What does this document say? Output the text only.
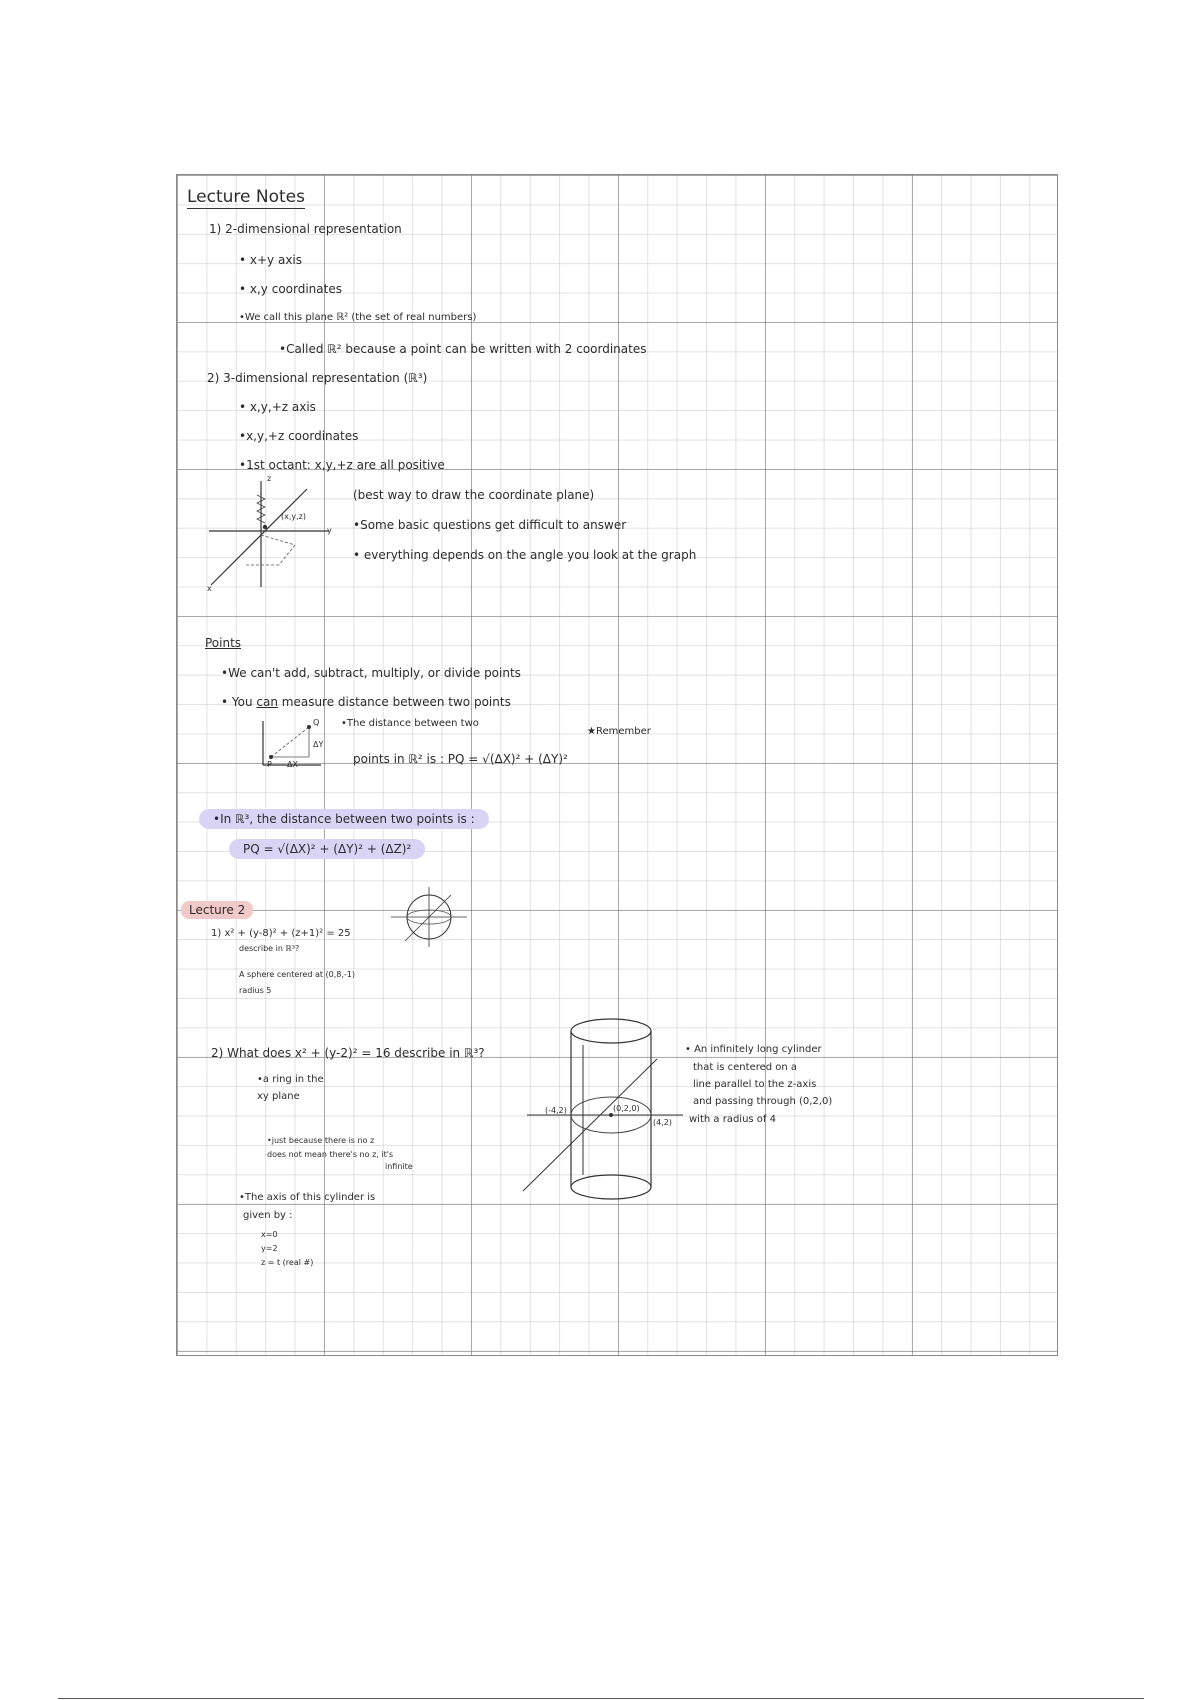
Lecture Notes
1) 2-dimensional representation
• x+y axis
• x,y coordinates
•We call this plane ℝ² (the set of real numbers)
•Called ℝ² because a point can be written with 2 coordinates
2) 3-dimensional representation (ℝ³)
• x,y,+z axis
•x,y,+z coordinates
•1st octant: x,y,+z are all positive
(x,y,z)
z
y
x
(best way to draw the coordinate plane)
•Some basic questions get difficult to answer
• everything depends on the angle you look at the graph
Points
•We can't add, subtract, multiply, or divide points
• You can measure distance between two points
Q
P
ΔY
ΔX
•The distance between two
★Remember
points in ℝ² is : PQ = √(ΔX)² + (ΔY)²
•In ℝ³, the distance between two points is :
PQ = √(ΔX)² + (ΔY)² + (ΔZ)²
Lecture 2
1) x² + (y-8)² + (z+1)² = 25
describe in ℝ³?
A sphere centered at (0,8,-1)
radius 5
2) What does x² + (y-2)² = 16 describe in ℝ³?
•a ring in the
xy plane
•just because there is no z
does not mean there's no z, it's
infinite
•The axis of this cylinder is
given by :
x=0
y=2
z = t (real #)
(-4,2)	(0,2,0)
(4,2)
• An infinitely long cylinder
that is centered on a
line parallel to the z-axis
and passing through (0,2,0)
with a radius of 4
